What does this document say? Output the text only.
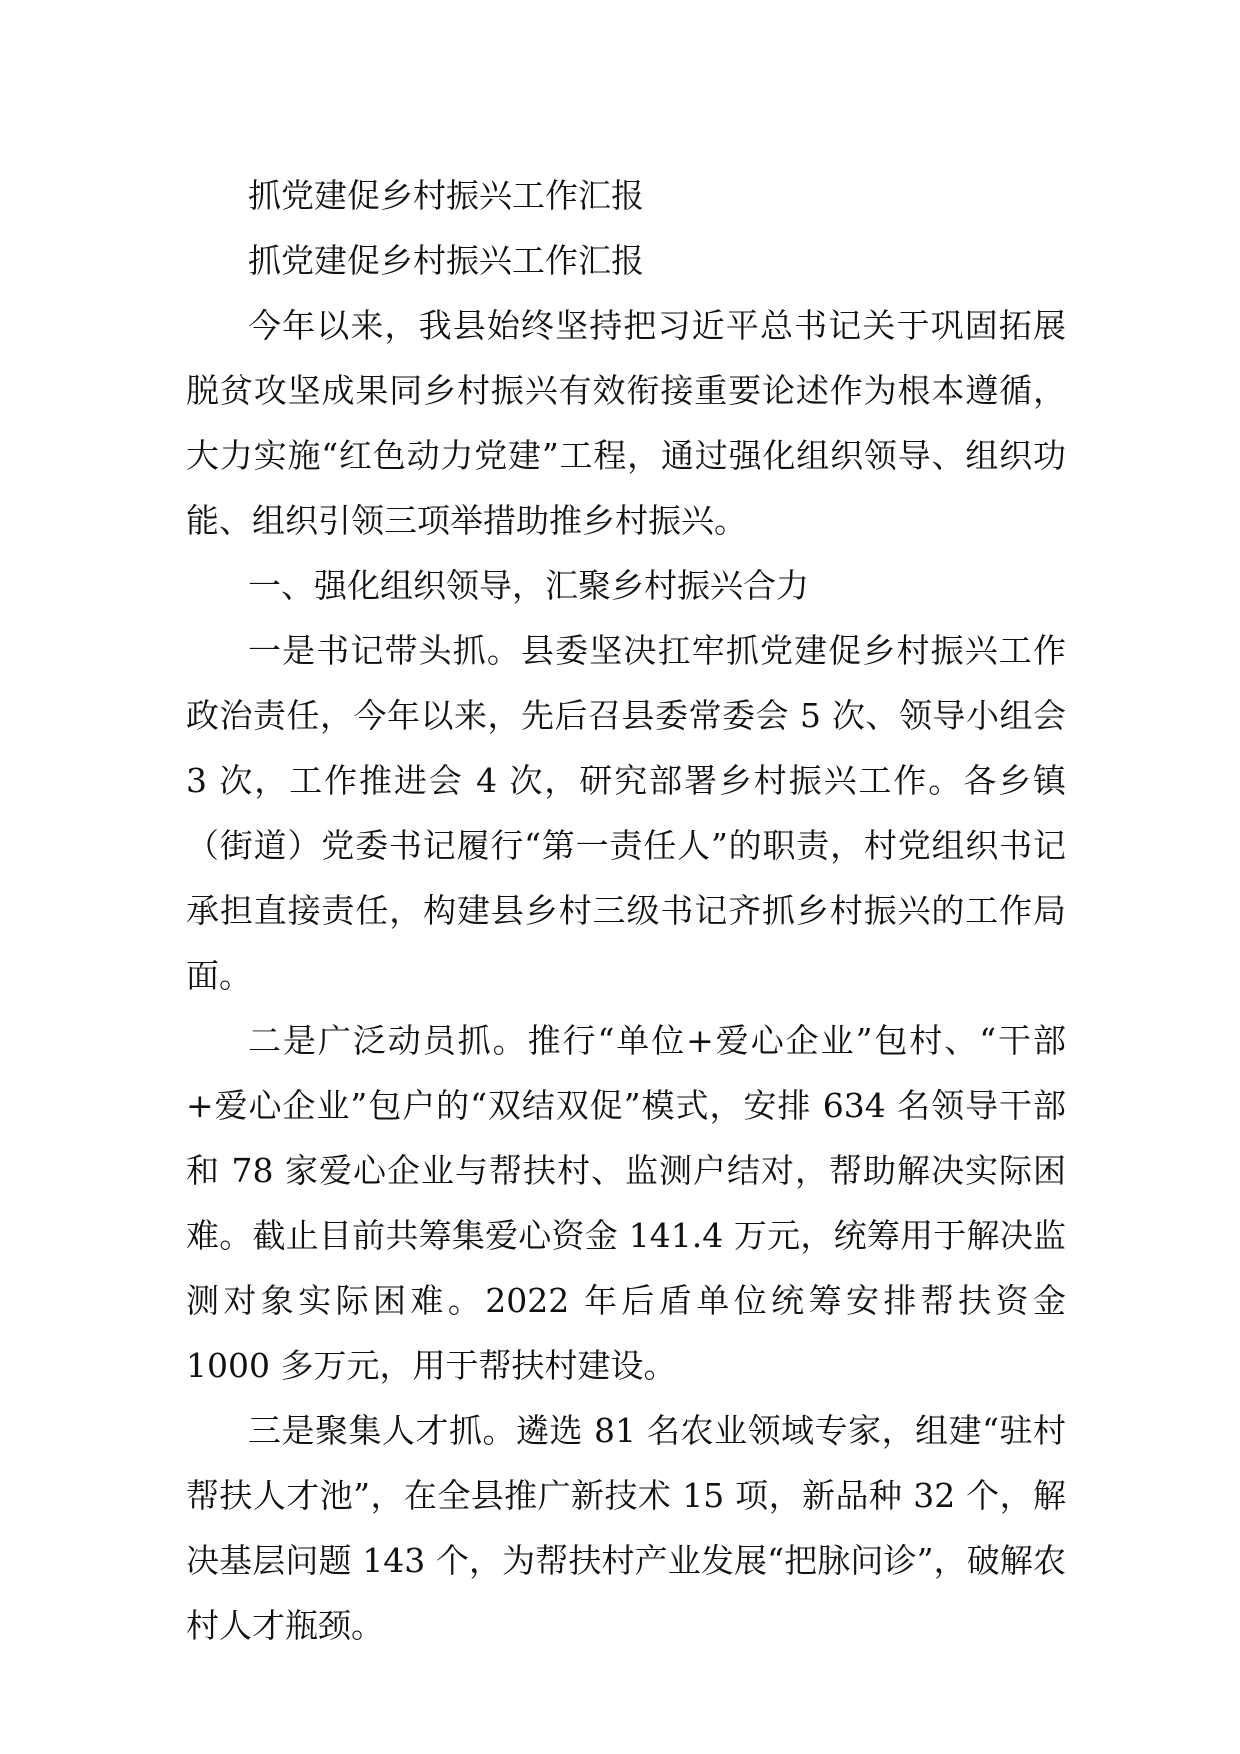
抓党建促乡村振兴工作汇报

抓党建促乡村振兴工作汇报

今年以来，我县始终坚持把习近平总书记关于巩固拓展脱贫攻坚成果同乡村振兴有效衔接重要论述作为根本遵循，大力实施“红色动力党建”工程，通过强化组织领导、组织功能、组织引领三项举措助推乡村振兴。

一、强化组织领导，汇聚乡村振兴合力

一是书记带头抓。县委坚决扛牢抓党建促乡村振兴工作政治责任，今年以来，先后召县委常委会 5 次、领导小组会 3 次，工作推进会 4 次，研究部署乡村振兴工作。各乡镇（街道）党委书记履行“第一责任人”的职责，村党组织书记承担直接责任，构建县乡村三级书记齐抓乡村振兴的工作局面。

二是广泛动员抓。推行“单位+爱心企业”包村、“干部+爱心企业”包户的“双结双促”模式，安排 634 名领导干部和 78 家爱心企业与帮扶村、监测户结对，帮助解决实际困难。截止目前共筹集爱心资金 141.4 万元，统筹用于解决监测对象实际困难。2022 年后盾单位统筹安排帮扶资金 1000 多万元，用于帮扶村建设。

三是聚集人才抓。遴选 81 名农业领域专家，组建“驻村帮扶人才池”，在全县推广新技术 15 项，新品种 32 个，解决基层问题 143 个，为帮扶村产业发展“把脉问诊”，破解农村人才瓶颈。
